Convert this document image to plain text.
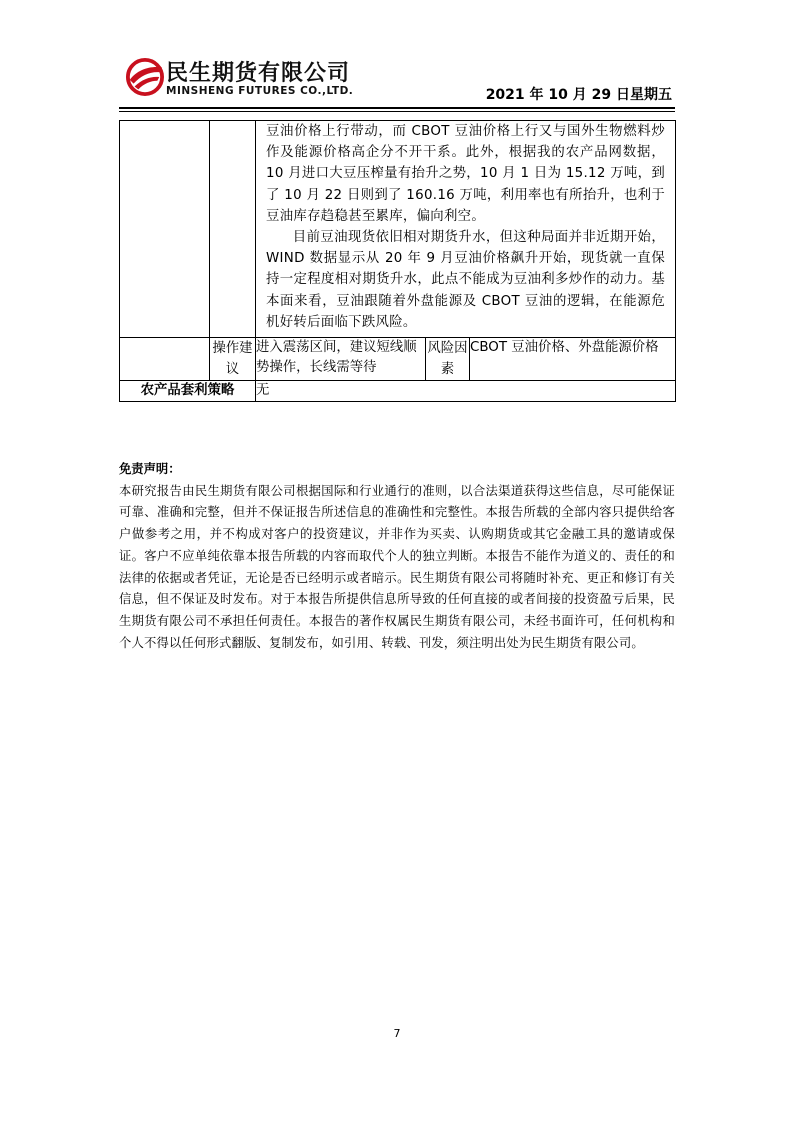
民生期货有限公司
MINSHENG FUTURES CO.,LTD.	2021 年 10 月 29 日星期五

		豆油价格上行带动，而 CBOT 豆油价格上行又与国外生物燃料炒作及能源价格高企分不开干系。此外，根据我的农产品网数据，10 月进口大豆压榨量有抬升之势，10 月 1 日为 15.12 万吨，到了 10 月 22 日则到了 160.16 万吨，利用率也有所抬升，也利于豆油库存趋稳甚至累库，偏向利空。

目前豆油现货依旧相对期货升水，但这种局面并非近期开始，WIND 数据显示从 20 年 9 月豆油价格飙升开始，现货就一直保持一定程度相对期货升水，此点不能成为豆油利多炒作的动力。基本面来看，豆油跟随着外盘能源及 CBOT 豆油的逻辑，在能源危机好转后面临下跌风险。		

	操作建议	进入震荡区间，建议短线顺势操作，长线需等待	风险因素	CBOT 豆油价格、外盘能源价格
农产品套利策略		无		

免责声明：

本研究报告由民生期货有限公司根据国际和行业通行的准则，以合法渠道获得这些信息，尽可能保证可靠、准确和完整，但并不保证报告所述信息的准确性和完整性。本报告所载的全部内容只提供给客户做参考之用，并不构成对客户的投资建议，并非作为买卖、认购期货或其它金融工具的邀请或保证。客户不应单纯依靠本报告所载的内容而取代个人的独立判断。本报告不能作为道义的、责任的和法律的依据或者凭证，无论是否已经明示或者暗示。民生期货有限公司将随时补充、更正和修订有关信息，但不保证及时发布。对于本报告所提供信息所导致的任何直接的或者间接的投资盈亏后果，民生期货有限公司不承担任何责任。本报告的著作权属民生期货有限公司，未经书面许可，任何机构和个人不得以任何形式翻版、复制发布，如引用、转载、刊发，须注明出处为民生期货有限公司。

7
